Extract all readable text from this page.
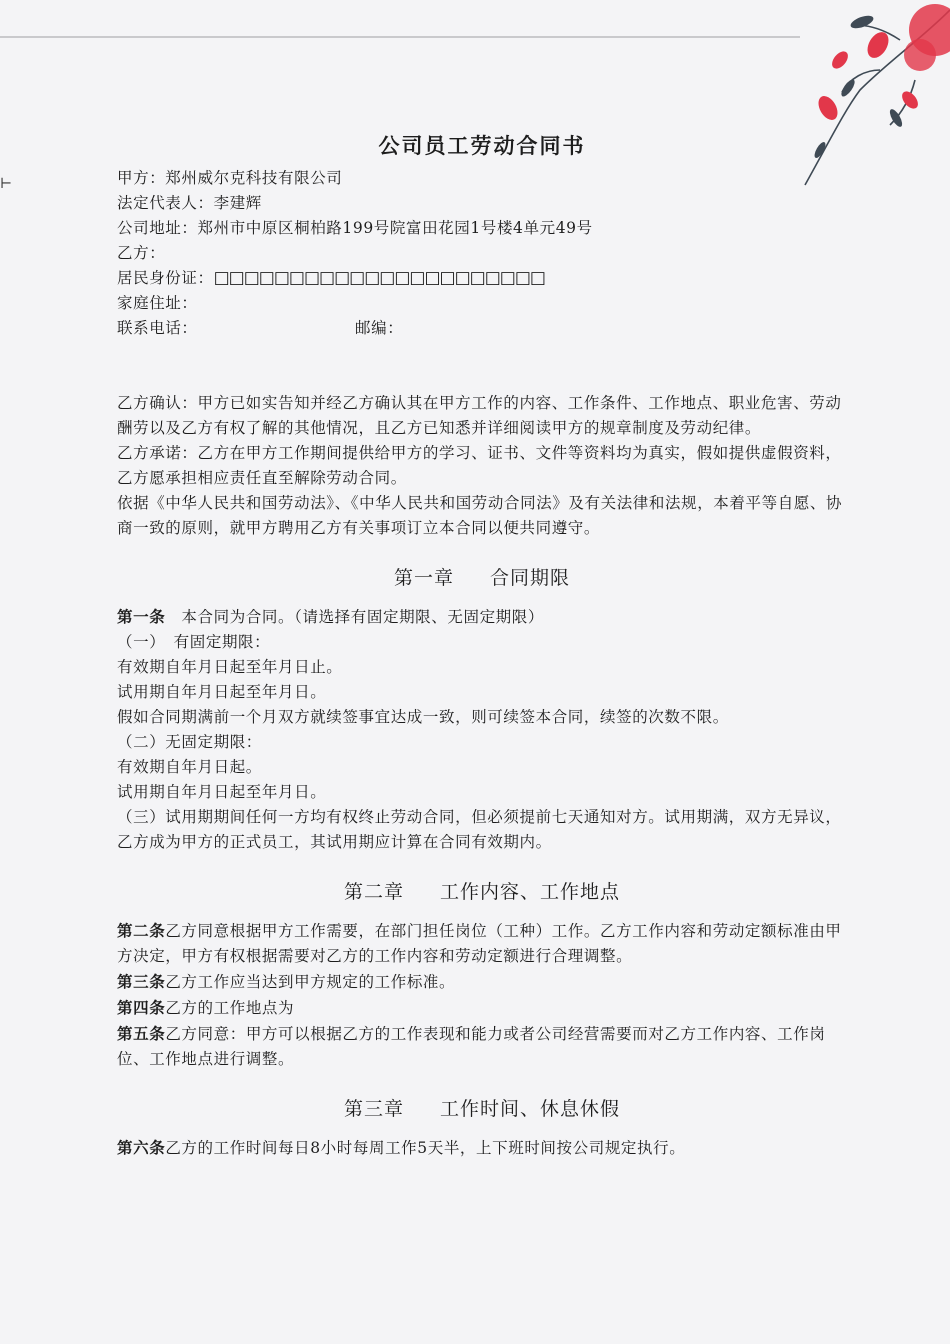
⊢
公司员工劳动合同书

甲方：郑州威尔克科技有限公司

法定代表人：李建辉

公司地址：郑州市中原区桐柏路199号院富田花园1号楼4单元49号

乙方：

居民身份证：□□□□□□□□□□□□□□□□□□□□□□

家庭住址：

联系电话：	邮编：

乙方确认：甲方已如实告知并经乙方确认其在甲方工作的内容、工作条件、工作地点、职业危害、劳动酬劳以及乙方有权了解的其他情况，且乙方已知悉并详细阅读甲方的规章制度及劳动纪律。

乙方承诺：乙方在甲方工作期间提供给甲方的学习、证书、文件等资料均为真实，假如提供虚假资料，乙方愿承担相应责任直至解除劳动合同。

依据《中华人民共和国劳动法》、《中华人民共和国劳动合同法》及有关法律和法规，本着平等自愿、协商一致的原则，就甲方聘用乙方有关事项订立本合同以便共同遵守。

第一章 合同期限

第一条　本合同为合同。（请选择有固定期限、无固定期限）

（一）　有固定期限：

有效期自年月日起至年月日止。

试用期自年月日起至年月日。

假如合同期满前一个月双方就续签事宜达成一致，则可续签本合同，续签的次数不限。

（二）无固定期限：

有效期自年月日起。

试用期自年月日起至年月日。

（三）试用期期间任何一方均有权终止劳动合同，但必须提前七天通知对方。试用期满，双方无异议，乙方成为甲方的正式员工，其试用期应计算在合同有效期内。

第二章 工作内容、工作地点

第二条乙方同意根据甲方工作需要，在部门担任岗位（工种）工作。乙方工作内容和劳动定额标准由甲方决定，甲方有权根据需要对乙方的工作内容和劳动定额进行合理调整。

第三条乙方工作应当达到甲方规定的工作标准。

第四条乙方的工作地点为

第五条乙方同意：甲方可以根据乙方的工作表现和能力或者公司经营需要而对乙方工作内容、工作岗位、工作地点进行调整。

第三章 工作时间、休息休假

第六条乙方的工作时间每日8小时每周工作5天半，上下班时间按公司规定执行。
